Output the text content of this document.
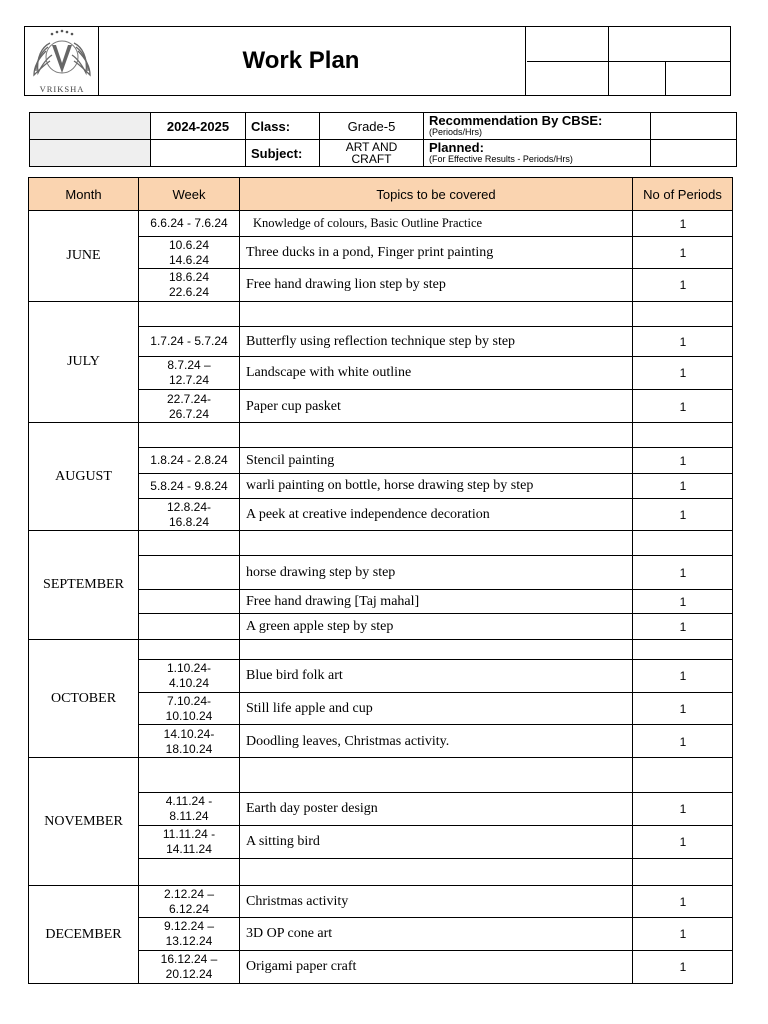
VRIKSHA
Work Plan
2024-2025	Class:	Grade-5	Recommendation By CBSE:
(Periods/Hrs)
Subject:	ART AND CRAFT
Planned:
(For Effective Results - Periods/Hrs)
Month	Week	Topics to be covered	No of Periods
JUNE
6.6.24 - 7.6.24	Knowledge of colours, Basic Outline Practice	1
10.6.24
14.6.24	Three ducks in a pond, Finger print painting	1
18.6.24
22.6.24	Free hand drawing lion step by step	1
JULY
1.7.24 - 5.7.24	Butterfly using reflection technique step by step	1
8.7.24 –
12.7.24	Landscape with white outline	1
22.7.24-
26.7.24	Paper cup pasket	1
AUGUST
1.8.24 - 2.8.24	Stencil painting	1
5.8.24 - 9.8.24	warli painting on bottle, horse drawing step by step	1
12.8.24-
16.8.24	A peek at creative independence decoration	1
SEPTEMBER
horse drawing step by step	1
Free hand drawing [Taj mahal]	1
A green apple step by step	1
OCTOBER
1.10.24-
4.10.24	Blue bird folk art	1
7.10.24-
10.10.24	Still life apple and cup	1
14.10.24-
18.10.24	Doodling leaves, Christmas activity.	1
NOVEMBER
4.11.24 -
8.11.24	Earth day poster design	1
11.11.24 -
14.11.24	A sitting bird	1
DECEMBER
2.12.24 –
6.12.24	Christmas activity	1
9.12.24 –
13.12.24	3D OP cone art	1
16.12.24 –
20.12.24	Origami paper craft	1
